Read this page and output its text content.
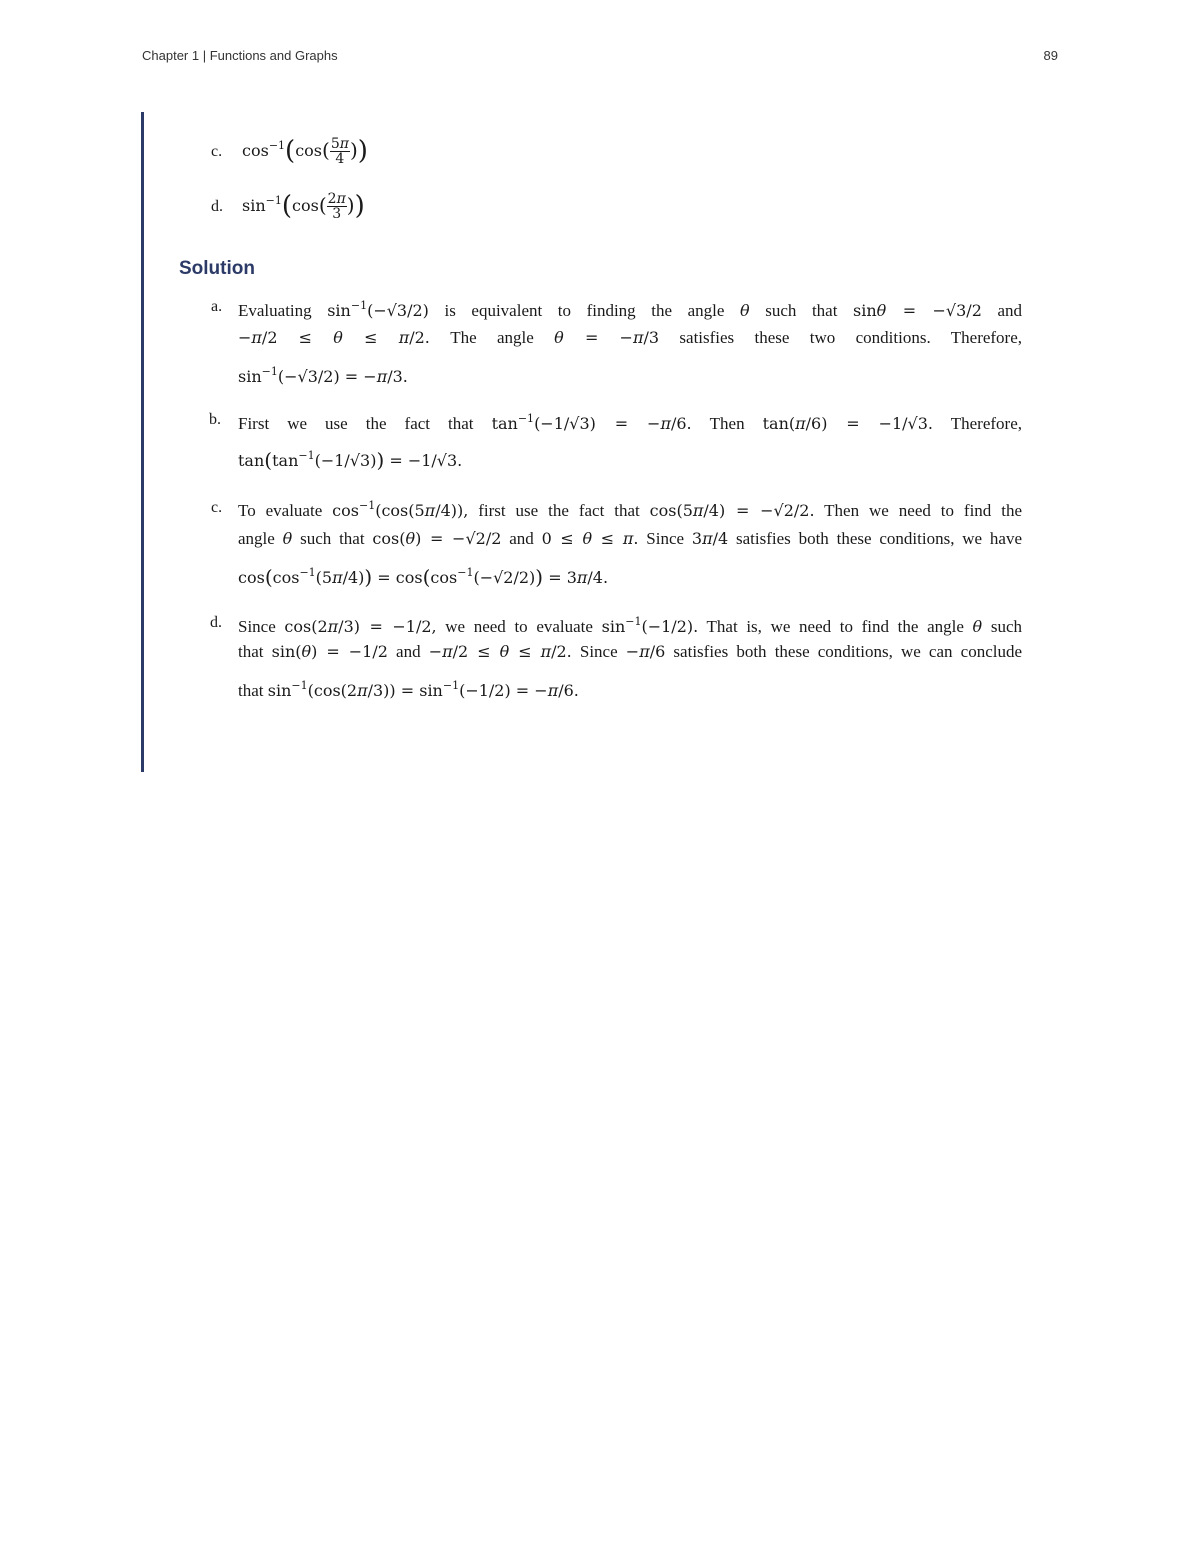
Chapter 1 | Functions and Graphs	89
c. $\cos^{-1}(\cos( \frac{5\pi}{4}$ ))
d. $\sin^{-1}(\cos( \frac{2\pi}{3}$ ))
Solution
a. Evaluating $\sin^{-1}(-√3/2)$ is equivalent to finding the angle θ such that sinθ = −√3/2 and
−π/2 ≤ θ ≤ π/2. The angle θ = −π/3 satisfies these two conditions. Therefore,
$\sin^{-1}(-√3/2) = -\pi/3$.
b. First we use the fact that $\tan^{-1}(-1/√3) = -\pi/6$. Then tan(π/6) = −1/√3. Therefore,
$\tan(\tan^{-1}(-1/√3)) = -1/√3$.
c. To evaluate $\cos^{-1}(\cos(5\pi/4))$, first use the fact that cos(5π/4) = −√2/2. Then we need to find the
angle θ such that cos(θ) = −√2/2 and 0 ≤ θ ≤ π. Since 3π/4 satisfies both these conditions, we have
$\cos(\cos^{-1}(5\pi/4)) = \cos(\cos^{-1}(-√2/2)) = 3\pi/4$.
d. Since cos(2π/3) = −1/2, we need to evaluate $\sin^{-1}(-1/2)$. That is, we need to find the angle θ such
that sin(θ) = −1/2 and −π/2 ≤ θ ≤ π/2. Since −π/6 satisfies both these conditions, we can conclude
that $\sin^{-1}(\cos(2\pi/3)) = \sin^{-1}(-1/2) = -\pi/6$.
